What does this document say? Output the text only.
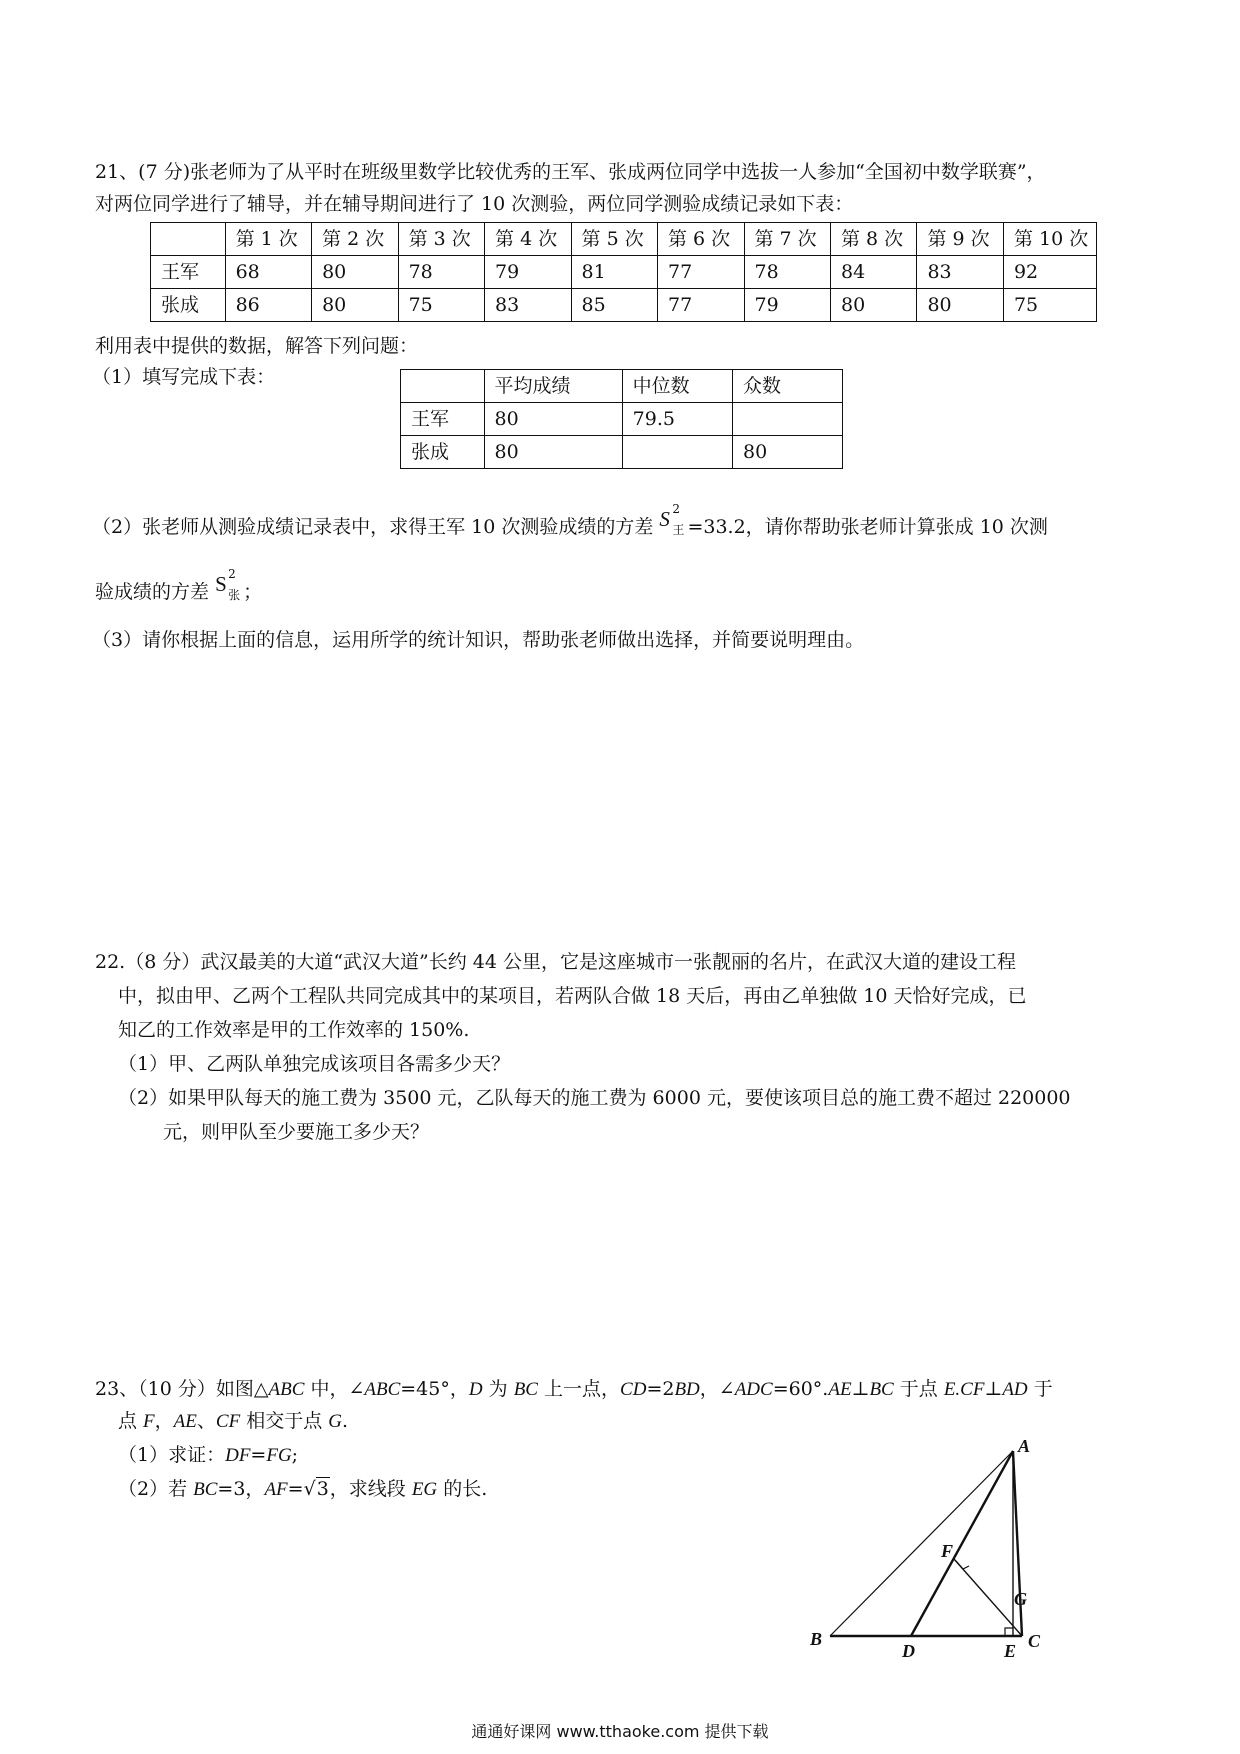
21、(7 分)张老师为了从平时在班级里数学比较优秀的王军、张成两位同学中选拔一人参加“全国初中数学联赛”，
对两位同学进行了辅导，并在辅导期间进行了 10 次测验，两位同学测验成绩记录如下表：
	第 1 次	第 2 次	第 3 次	第 4 次	第 5 次	第 6 次	第 7 次	第 8 次	第 9 次	第 10 次
王军	68	80	78	79	81	77	78	84	83	92
张成	86	80	75	83	85	77	79	80	80	75
利用表中提供的数据，解答下列问题：
（1）填写完成下表：
		平均成绩	中位数	众数
王军	80	79.5	
张成	80		80
（2）张老师从测验成绩记录表中，求得王军 10 次测验成绩的方差 S 2
王 =33.2，请你帮助张老师计算张成 10 次测
验成绩的方差 S 2
张 ；
（3）请你根据上面的信息，运用所学的统计知识，帮助张老师做出选择，并简要说明理由。
22.（8 分）武汉最美的大道“武汉大道”长约 44 公里，它是这座城市一张靓丽的名片，在武汉大道的建设工程
中，拟由甲、乙两个工程队共同完成其中的某项目，若两队合做 18 天后，再由乙单独做 10 天恰好完成，已
知乙的工作效率是甲的工作效率的 150%.
（1）甲、乙两队单独完成该项目各需多少天？
（2）如果甲队每天的施工费为 3500 元，乙队每天的施工费为 6000 元，要使该项目总的施工费不超过 220000
元，则甲队至少要施工多少天？
23、（10 分）如图△ABC 中，∠ABC=45°，D 为 BC 上一点，CD=2BD，∠ADC=60°.AE⊥BC 于点 E.CF⊥AD 于
点 F，AE、CF 相交于点 G.
（1）求证：DF=FG;
（2）若 BC=3，AF=√3，求线段 EG 的长.
A
B	C
D	E
F
G
通通好课网 www.tthaoke.com 提供下载
